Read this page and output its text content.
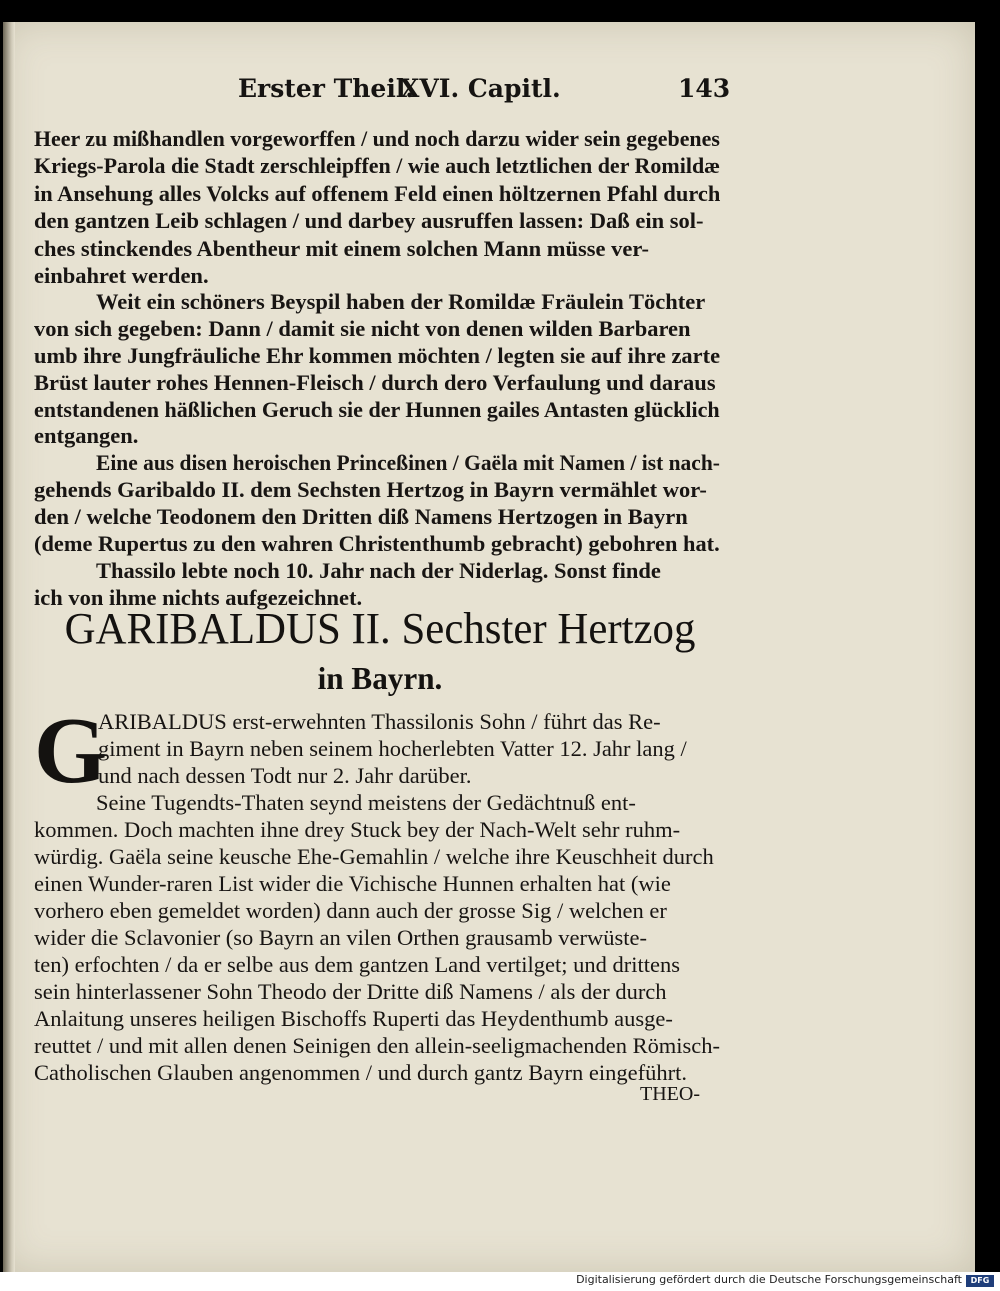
Erster Theil.
XVI. Capitl.	143
Heer zu mißhandlen vorgeworffen / und noch darzu wider sein gegebenes
Kriegs-Parola die Stadt zerschleipffen / wie auch letztlichen der Romildæ
in Ansehung alles Volcks auf offenem Feld einen höltzernen Pfahl durch
den gantzen Leib schlagen / und darbey ausruffen lassen: Daß ein sol-
ches stinckendes Abentheur mit einem solchen Mann müsse ver-
einbahret werden.
Weit ein schöners Beyspil haben der Romildæ Fräulein Töchter
von sich gegeben: Dann / damit sie nicht von denen wilden Barbaren
umb ihre Jungfräuliche Ehr kommen möchten / legten sie auf ihre zarte
Brüst lauter rohes Hennen-Fleisch / durch dero Verfaulung und daraus
entstandenen häßlichen Geruch sie der Hunnen gailes Antasten glücklich
entgangen.
Eine aus disen heroischen Princeßinen / Gaëla mit Namen / ist nach-
gehends Garibaldo II. dem Sechsten Hertzog in Bayrn vermählet wor-
den / welche Teodonem den Dritten diß Namens Hertzogen in Bayrn
(deme Rupertus zu den wahren Christenthumb gebracht) gebohren hat.
Thassilo lebte noch 10. Jahr nach der Niderlag. Sonst finde
ich von ihme nichts aufgezeichnet.
GARIBALDUS II. Sechster Hertzog
in Bayrn.
G
ARIBALDUS erst-erwehnten Thassilonis Sohn / führt das Re-
giment in Bayrn neben seinem hocherlebten Vatter 12. Jahr lang /
und nach dessen Todt nur 2. Jahr darüber.
Seine Tugendts-Thaten seynd meistens der Gedächtnuß ent-
kommen. Doch machten ihne drey Stuck bey der Nach-Welt sehr ruhm-
würdig. Gaëla seine keusche Ehe-Gemahlin / welche ihre Keuschheit durch
einen Wunder-raren List wider die Vichische Hunnen erhalten hat (wie
vorhero eben gemeldet worden) dann auch der grosse Sig / welchen er
wider die Sclavonier (so Bayrn an vilen Orthen grausamb verwüste-
ten) erfochten / da er selbe aus dem gantzen Land vertilget; und drittens
sein hinterlassener Sohn Theodo der Dritte diß Namens / als der durch
Anlaitung unseres heiligen Bischoffs Ruperti das Heydenthumb ausge-
reuttet / und mit allen denen Seinigen den allein-seeligmachenden Römisch-
Catholischen Glauben angenommen / und durch gantz Bayrn eingeführt.
THEO-
Digitalisierung gefördert durch die Deutsche Forschungsgemeinschaft	DFG
